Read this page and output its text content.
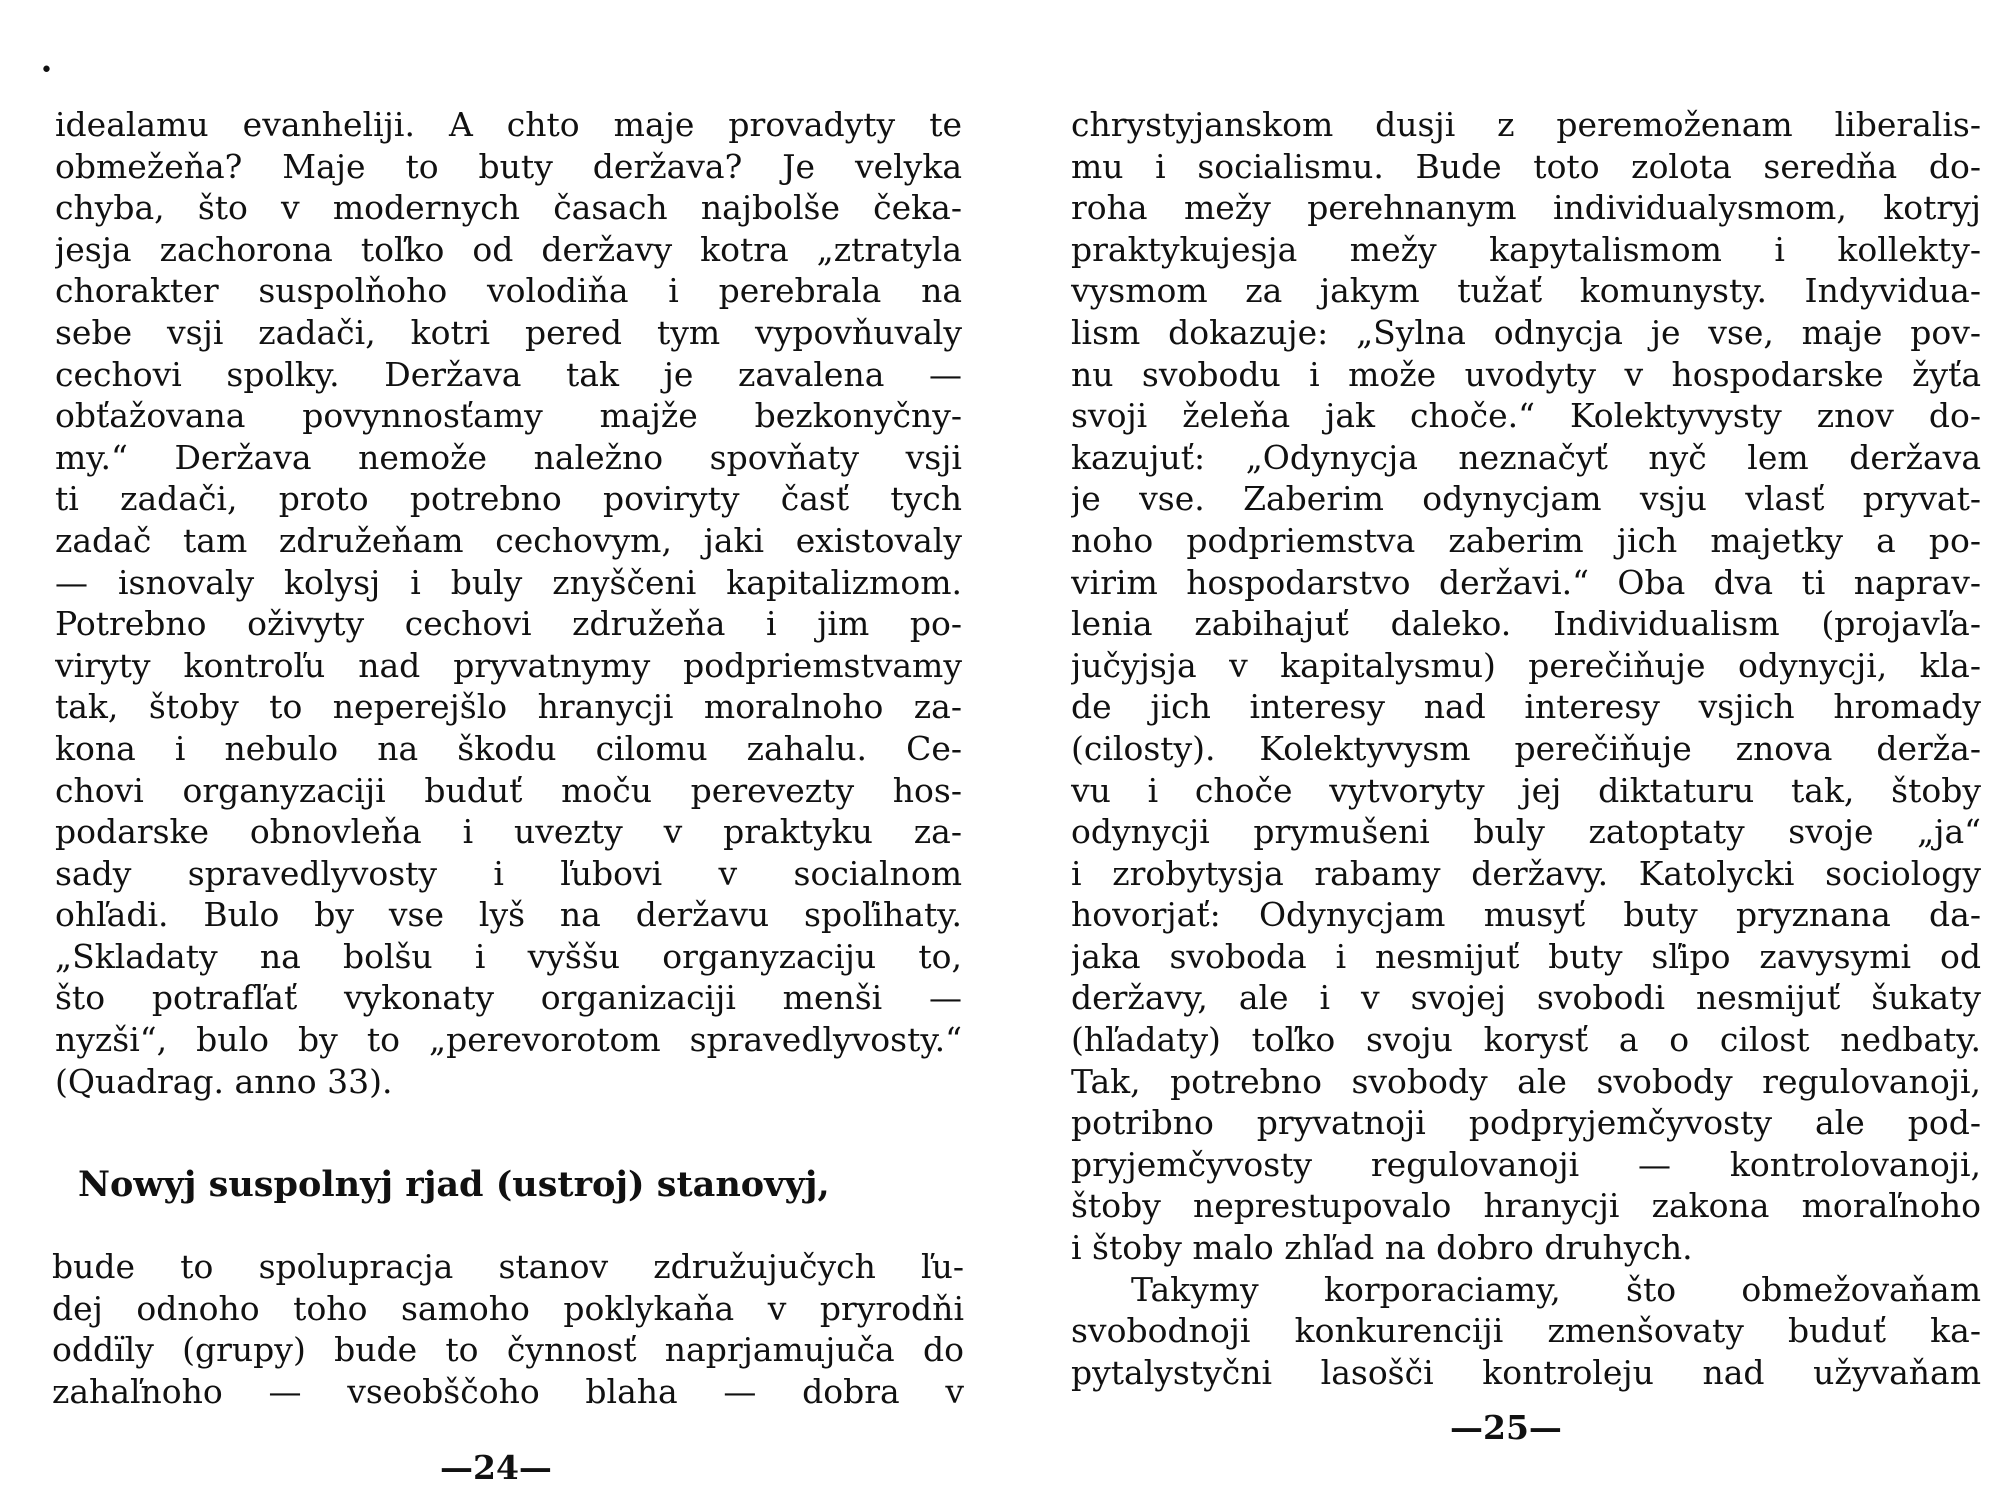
•
idealamu evanheliji. A chto maje provadyty te
obmežeňa? Maje to buty deržava? Je velyka
chyba, što v modernych časach najbolše čeka-
jesja zachorona toľko od deržavy kotra „ztratyla
chorakter suspolňoho volodiňa i perebrala na
sebe vsji zadači, kotri pered tym vypovňuvaly
cechovi spolky. Deržava tak je zavalena —
obťažovana povynnosťamy majže bezkonyčny-
my.“ Deržava nemože naležno spovňaty vsji
ti zadači, proto potrebno poviryty časť tych
zadač tam združeňam cechovym, jaki existovaly
— isnovaly kolysj i buly znyščeni kapitalizmom.
Potrebno oživyty cechovi združeňa i jim po-
viryty kontroľu nad pryvatnymy podpriemstvamy
tak, štoby to neperejšlo hranycji moralnoho za-
kona i nebulo na škodu cilomu zahalu. Ce-
chovi organyzaciji buduť moču perevezty hos-
podarske obnovleňa i uvezty v praktyku za-
sady spravedlyvosty i ľubovi v socialnom
ohľadi. Bulo by vse lyš na deržavu spoľihaty.
„Skladaty na bolšu i vyššu organyzaciju to,
što potrafľať vykonaty organizaciji menši —
nyzši“, bulo by to „perevorotom spravedlyvosty.“
(Quadrag. anno 33).
Nowyj suspolnyj rjad (ustroj) stanovyj,
bude to spolupracja stanov združujučych ľu-
dej odnoho toho samoho poklykaňa v pryrodňi
oddïly (grupy) bude to čynnosť naprjamujuča do
zahaľnoho — vseobščoho blaha — dobra v
—24—
chrystyjanskom dusji z peremoženam liberalis-
mu i socialismu. Bude toto zolota seredňa do-
roha mežy perehnanym individualysmom, kotryj
praktykujesja mežy kapytalismom i kollekty-
vysmom za jakym tužať komunysty. Indyvidua-
lism dokazuje: „Sylna odnycja je vse, maje pov-
nu svobodu i može uvodyty v hospodarske žyťa
svoji želeňa jak choče.“ Kolektyvysty znov do-
kazujuť: „Odynycja neznačyť nyč lem deržava
je vse. Zaberim odynycjam vsju vlasť pryvat-
noho podpriemstva zaberim jich majetky a po-
virim hospodarstvo deržavi.“ Oba dva ti naprav-
lenia zabihajuť daleko. Individualism (projavľa-
jučyjsja v kapitalysmu) perečiňuje odynycji, kla-
de jich interesy nad interesy vsjich hromady
(cilosty). Kolektyvysm perečiňuje znova derža-
vu i choče vytvoryty jej diktaturu tak, štoby
odynycji prymušeni buly zatoptaty svoje „ja“
i zrobytysja rabamy deržavy. Katolycki sociology
hovorjať: Odynycjam musyť buty pryznana da-
jaka svoboda i nesmijuť buty sľipo zavysymi od
deržavy, ale i v svojej svobodi nesmijuť šukaty
(hľadaty) toľko svoju korysť a o cilost nedbaty.
Tak, potrebno svobody ale svobody regulovanoji,
potribno pryvatnoji podpryjemčyvosty ale pod-
pryjemčyvosty regulovanoji — kontrolovanoji,
štoby neprestupovalo hranycji zakona moraľnoho
i štoby malo zhľad na dobro druhych.
Takymy korporaciamy, što obmežovaňam
svobodnoji konkurenciji zmenšovaty buduť ka-
pytalystyčni lasošči kontroleju nad užyvaňam
—25—
